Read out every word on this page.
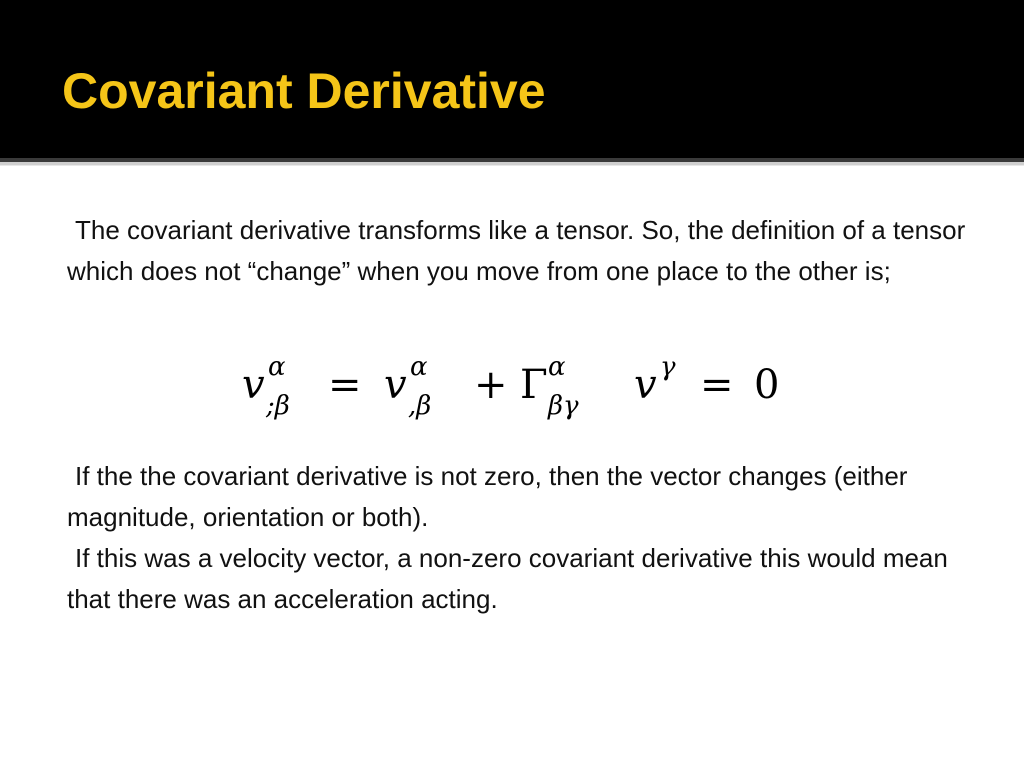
Covariant Derivative

The covariant derivative transforms like a tensor. So, the definition of a tensor which does not “change” when you move from one place to the other is;

v α
;β = v α
,β + Γ α
βγ v γ = 0

If the the covariant derivative is not zero, then the vector changes (either magnitude, orientation or both).

If this was a velocity vector, a non-zero covariant derivative this would mean that there was an acceleration acting.
